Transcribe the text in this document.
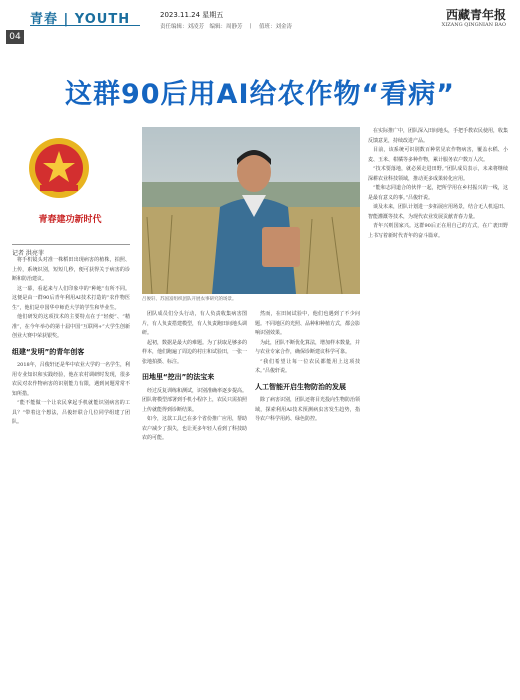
青春 | YOUTH
04
2023.11.24 星期五
责任编辑：刘凌芳　编辑：周静芳　丨　值班：刘金涛
西藏青年报
XIZANG QINGNIAN BAO
这群90后用AI给农作物“看病”
青春建功新时代
记者 洪亮菲
吕俊轩、苏国富组织团队开展农事研究的场景。

将手机镜头对准一株稻田出现病害的植株，拍照、上传，系统识别，短短几秒，便可获得关于病害的诊断和防治建议。

这一幕，看起来与人们印象中的“种地”有所不同。这便是由一群90后青年利用AI技术打造的“农作物医生”，他们是中国华中师范大学的学生和毕业生。

他们研发的这项技术的主要特点在于“轻便”、“精准”，在今年举办的第十届中国“互联网+”大学生创新创业大赛中荣获银奖。

组建“发明”的青年创客

2018年，吕俊轩还是华中农业大学的一名学生，利用专业知识和实践经验，他在农村调研时发现，很多农民对农作物病害的识别能力有限，遇到问题常常不知所措。

“能不能做一个让农民拿起手机就能识别病害的工具？”带着这个想法，吕俊轩联合几位同学组建了团队。

团队成员们分头行动，有人负责收集病害图片，有人负责搭建模型，有人负责跑田间地头调研。

起初，数据是最大的难题。为了获取足够多的样本，他们跑遍了周边的村庄和试验田，一张一张地拍摄、标注。

田地里“挖出”的法宝来

经过反复训练和测试，识别准确率逐步提高。团队将模型部署到手机小程序上，农民只需拍照上传就能得到诊断结果。

如今，这款工具已在多个省份推广应用，帮助农户减少了损失，也让更多年轻人看到了科技助农的可能。

然而，在田间试验中，他们也遇到了不少问题。不同地区的光照、品种和种植方式，都会影响识别效果。

为此，团队不断优化算法，增加样本数量，并与农业专家合作，确保诊断建议科学可靠。

“我们希望让每一位农民都能用上这项技术。”吕俊轩说。

人工智能开启生物防治的发展

除了病害识别，团队还将目光投向生物防治领域，探索利用AI技术预测病虫害发生趋势，指导农户科学用药、绿色防控。

在实际推广中，团队深入田间地头，手把手教农民使用，收集反馈意见，持续改进产品。

目前，该系统可识别数百种常见农作物病害，覆盖水稻、小麦、玉米、柑橘等多种作物，累计服务农户数万人次。

“技术要落地，就必须走进田野。”团队成员表示，未来将继续深耕农业科技领域，推动更多成果转化应用。

“能和志同道合的伙伴一起，把所学用在乡村振兴的一线，这是最有意义的事。”吕俊轩说。

谈及未来，团队计划进一步拓展应用场景，结合无人机巡田、智能灌溉等技术，为现代农业发展贡献青春力量。

青年兴则国家兴。这群90后正在用自己的方式，在广袤田野上书写着新时代青年的奋斗篇章。
